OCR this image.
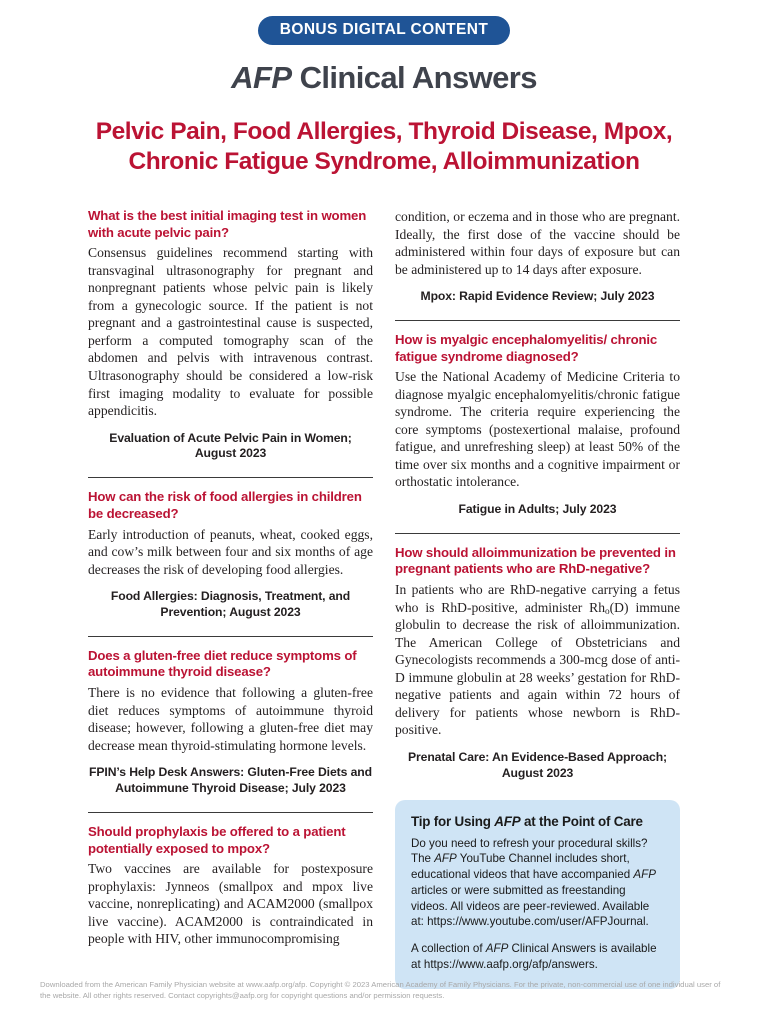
BONUS DIGITAL CONTENT
AFP Clinical Answers
Pelvic Pain, Food Allergies, Thyroid Disease, Mpox,
Chronic Fatigue Syndrome, Alloimmunization
What is the best initial imaging test in women with acute pelvic pain?
Consensus guidelines recommend starting with transvaginal ultrasonography for pregnant and nonpregnant patients whose pelvic pain is likely from a gynecologic source. If the patient is not pregnant and a gastrointestinal cause is suspected, perform a computed tomography scan of the abdomen and pelvis with intravenous contrast. Ultrasonography should be considered a low-risk first imaging modality to evaluate for possible appendicitis.
Evaluation of Acute Pelvic Pain in Women; August 2023
How can the risk of food allergies in children be decreased?
Early introduction of peanuts, wheat, cooked eggs, and cow’s milk between four and six months of age decreases the risk of developing food allergies.
Food Allergies: Diagnosis, Treatment, and Prevention; August 2023
Does a gluten-free diet reduce symptoms of autoimmune thyroid disease?
There is no evidence that following a gluten-free diet reduces symptoms of autoimmune thyroid disease; however, following a gluten-free diet may decrease mean thyroid-stimulating hormone levels.
FPIN’s Help Desk Answers: Gluten-Free Diets and Autoimmune Thyroid Disease; July 2023
Should prophylaxis be offered to a patient potentially exposed to mpox?
Two vaccines are available for postexposure prophylaxis: Jynneos (smallpox and mpox live vaccine, nonreplicating) and ACAM2000 (smallpox live vaccine). ACAM2000 is contraindicated in people with HIV, other immunocompromising
condition, or eczema and in those who are pregnant. Ideally, the first dose of the vaccine should be administered within four days of exposure but can be administered up to 14 days after exposure.
Mpox: Rapid Evidence Review; July 2023
How is myalgic encephalomyelitis/ chronic fatigue syndrome diagnosed?
Use the National Academy of Medicine Criteria to diagnose myalgic encephalomyelitis/chronic fatigue syndrome. The criteria require experiencing the core symptoms (postexertional malaise, profound fatigue, and unrefreshing sleep) at least 50% of the time over six months and a cognitive impairment or orthostatic intolerance.
Fatigue in Adults; July 2023
How should alloimmunization be prevented in pregnant patients who are RhD-negative?
In patients who are RhD-negative carrying a fetus who is RhD-positive, administer $Rh_o(D)$ immune globulin to decrease the risk of alloimmunization. The American College of Obstetricians and Gynecologists recommends a 300-mcg dose of anti-D immune globulin at 28 weeks’ gestation for RhD-negative patients and again within 72 hours of delivery for patients whose newborn is RhD-positive.
Prenatal Care: An Evidence-Based Approach; August 2023
Tip for Using AFP at the Point of Care
Do you need to refresh your procedural skills? The AFP YouTube Channel includes short, educational videos that have accompanied AFP articles or were submitted as freestanding videos. All videos are peer-reviewed. Available at: https://www.youtube.com/user/AFPJournal.
A collection of AFP Clinical Answers is available at https://www.aafp.org/afp/answers.
Downloaded from the American Family Physician website at www.aafp.org/afp. Copyright © 2023 American Academy of Family Physicians. For the private, non-commercial use of one individual user of the website. All other rights reserved. Contact copyrights@aafp.org for copyright questions and/or permission requests.
